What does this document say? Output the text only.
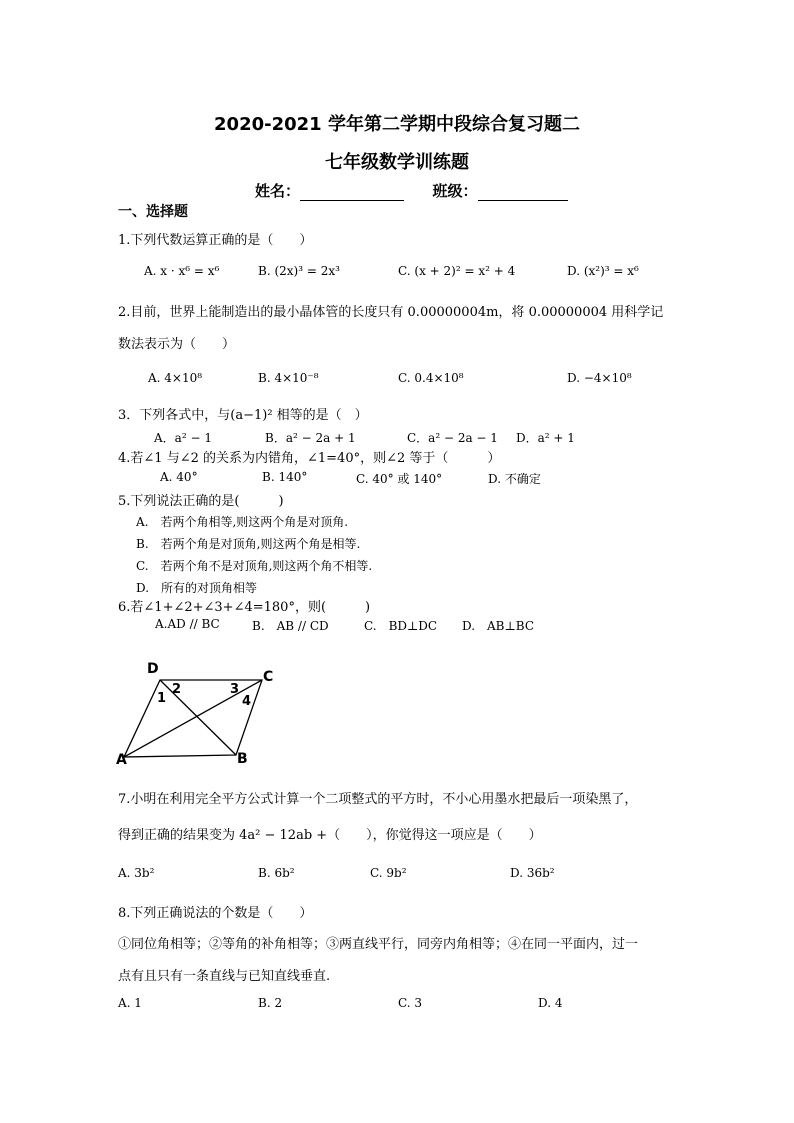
2020-2021 学年第二学期中段综合复习题二
七年级数学训练题
姓名：	班级：
一、选择题
1.下列代数运算正确的是（　　）
A. x · x⁶ = x⁶	B. (2x)³ = 2x³	C. (x + 2)² = x² + 4	D. (x²)³ = x⁶
2.目前，世界上能制造出的最小晶体管的长度只有 0.00000004m，将 0.00000004 用科学记
数法表示为（　　）
A. 4×10⁸	B. 4×10⁻⁸	C. 0.4×10⁸	D. −4×10⁸
3．下列各式中，与(a−1)² 相等的是（　）
A．a² − 1	B．a² − 2a + 1	C．a² − 2a − 1 D．a² + 1
4.若∠1 与∠2 的关系为内错角，∠1=40°，则∠2 等于（　　　）
A. 40°	B. 140°	C. 40° 或 140°	D. 不确定
5.下列说法正确的是(　　　)
A.　若两个角相等,则这两个角是对顶角.
B.　若两个角是对顶角,则这两个角是相等.
C.　若两个角不是对顶角,则这两个角不相等.
D.　所有的对顶角相等
6.若∠1+∠2+∠3+∠4=180°，则(　　　)
A.AD // BC	B.　AB // CD	C.　BD⊥DC D.　AB⊥BC
D	C
A	B
1
2	3
4
7.小明在利用完全平方公式计算一个二项整式的平方时，不小心用墨水把最后一项染黑了，
得到正确的结果变为 4a² − 12ab +（　　），你觉得这一项应是（　　）
A. 3b²	B. 6b²	C. 9b²	D. 36b²
8.下列正确说法的个数是（　　）
①同位角相等；②等角的补角相等；③两直线平行，同旁内角相等；④在同一平面内，过一
点有且只有一条直线与已知直线垂直.
A. 1	B. 2	C. 3	D. 4
